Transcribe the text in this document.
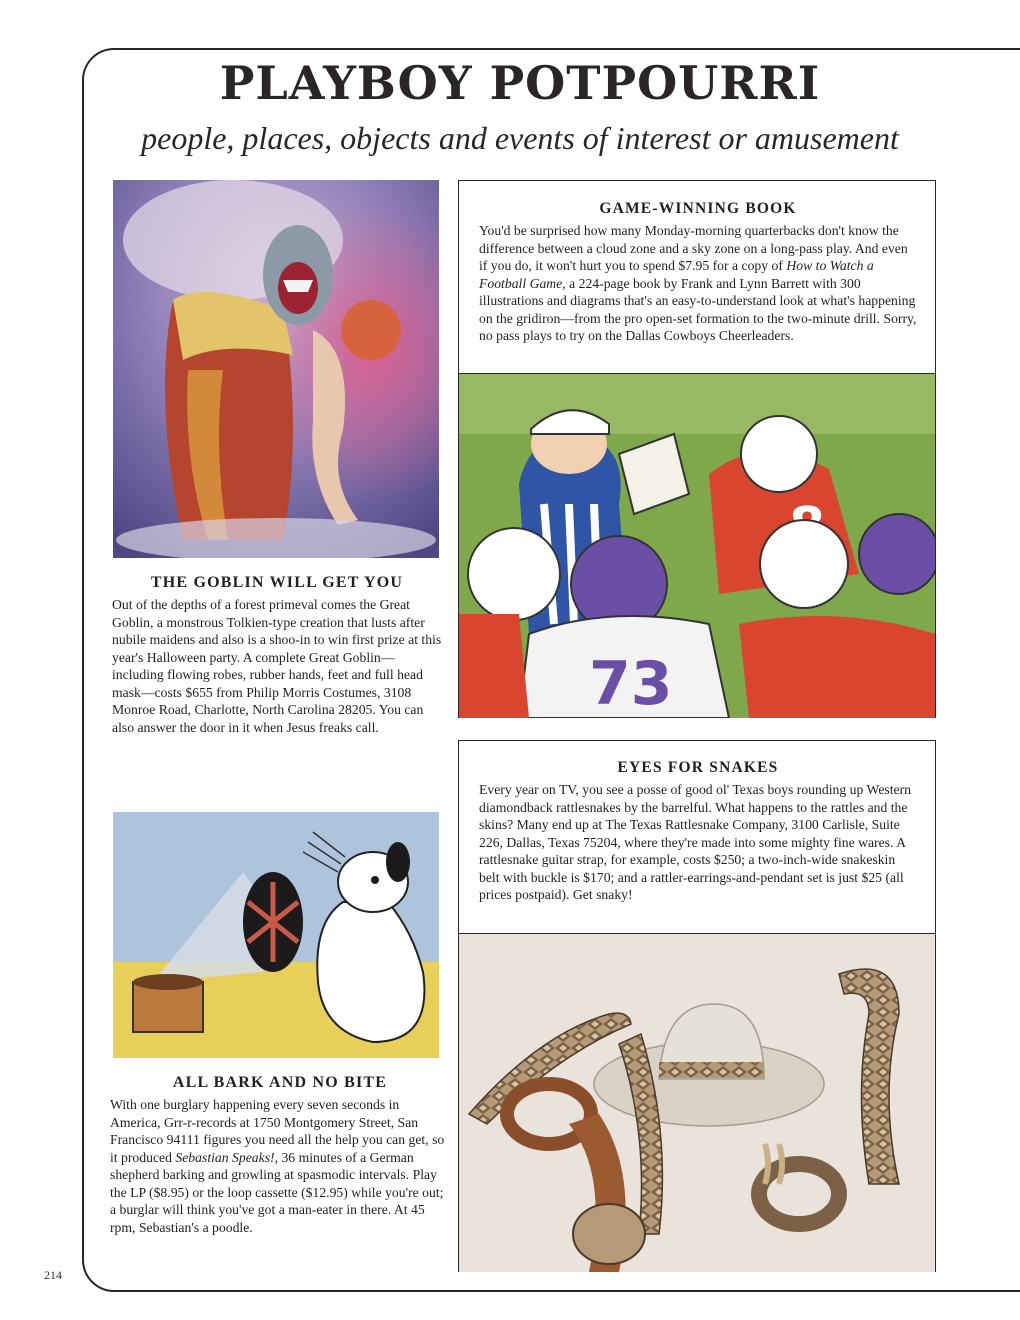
PLAYBOY POTPOURRI
people, places, objects and events of interest or amusement
THE GOBLIN WILL GET YOU

Out of the depths of a forest primeval comes the Great Goblin, a monstrous Tolkien-type creation that lusts after nubile maidens and also is a shoo-in to win first prize at this year's Halloween party. A complete Great Goblin—including flowing robes, rubber hands, feet and full head mask—costs $655 from Philip Morris Costumes, 3108 Monroe Road, Charlotte, North Carolina 28205. You can also answer the door in it when Jesus freaks call.

GAME-WINNING BOOK

You'd be surprised how many Monday-morning quarterbacks don't know the difference between a cloud zone and a sky zone on a long-pass play. And even if you do, it won't hurt you to spend $7.95 for a copy of How to Watch a Football Game, a 224-page book by Frank and Lynn Barrett with 300 illustrations and diagrams that's an easy-to-understand look at what's happening on the gridiron—from the pro open-set formation to the two-minute drill. Sorry, no pass plays to try on the Dallas Cowboys Cheerleaders.

73
ALL BARK AND NO BITE

With one burglary happening every seven seconds in America, Grr-r-records at 1750 Montgomery Street, San Francisco 94111 figures you need all the help you can get, so it produced Sebastian Speaks!, 36 minutes of a German shepherd barking and growling at spasmodic intervals. Play the LP ($8.95) or the loop cassette ($12.95) while you're out; a burglar will think you've got a man-eater in there. At 45 rpm, Sebastian's a poodle.

EYES FOR SNAKES

Every year on TV, you see a posse of good ol' Texas boys rounding up Western diamondback rattlesnakes by the barrelful. What happens to the rattles and the skins? Many end up at The Texas Rattlesnake Company, 3100 Carlisle, Suite 226, Dallas, Texas 75204, where they're made into some mighty fine wares. A rattlesnake guitar strap, for example, costs $250; a two-inch-wide snakeskin belt with buckle is $170; and a rattler-earrings-and-pendant set is just $25 (all prices postpaid). Get snaky!

214
